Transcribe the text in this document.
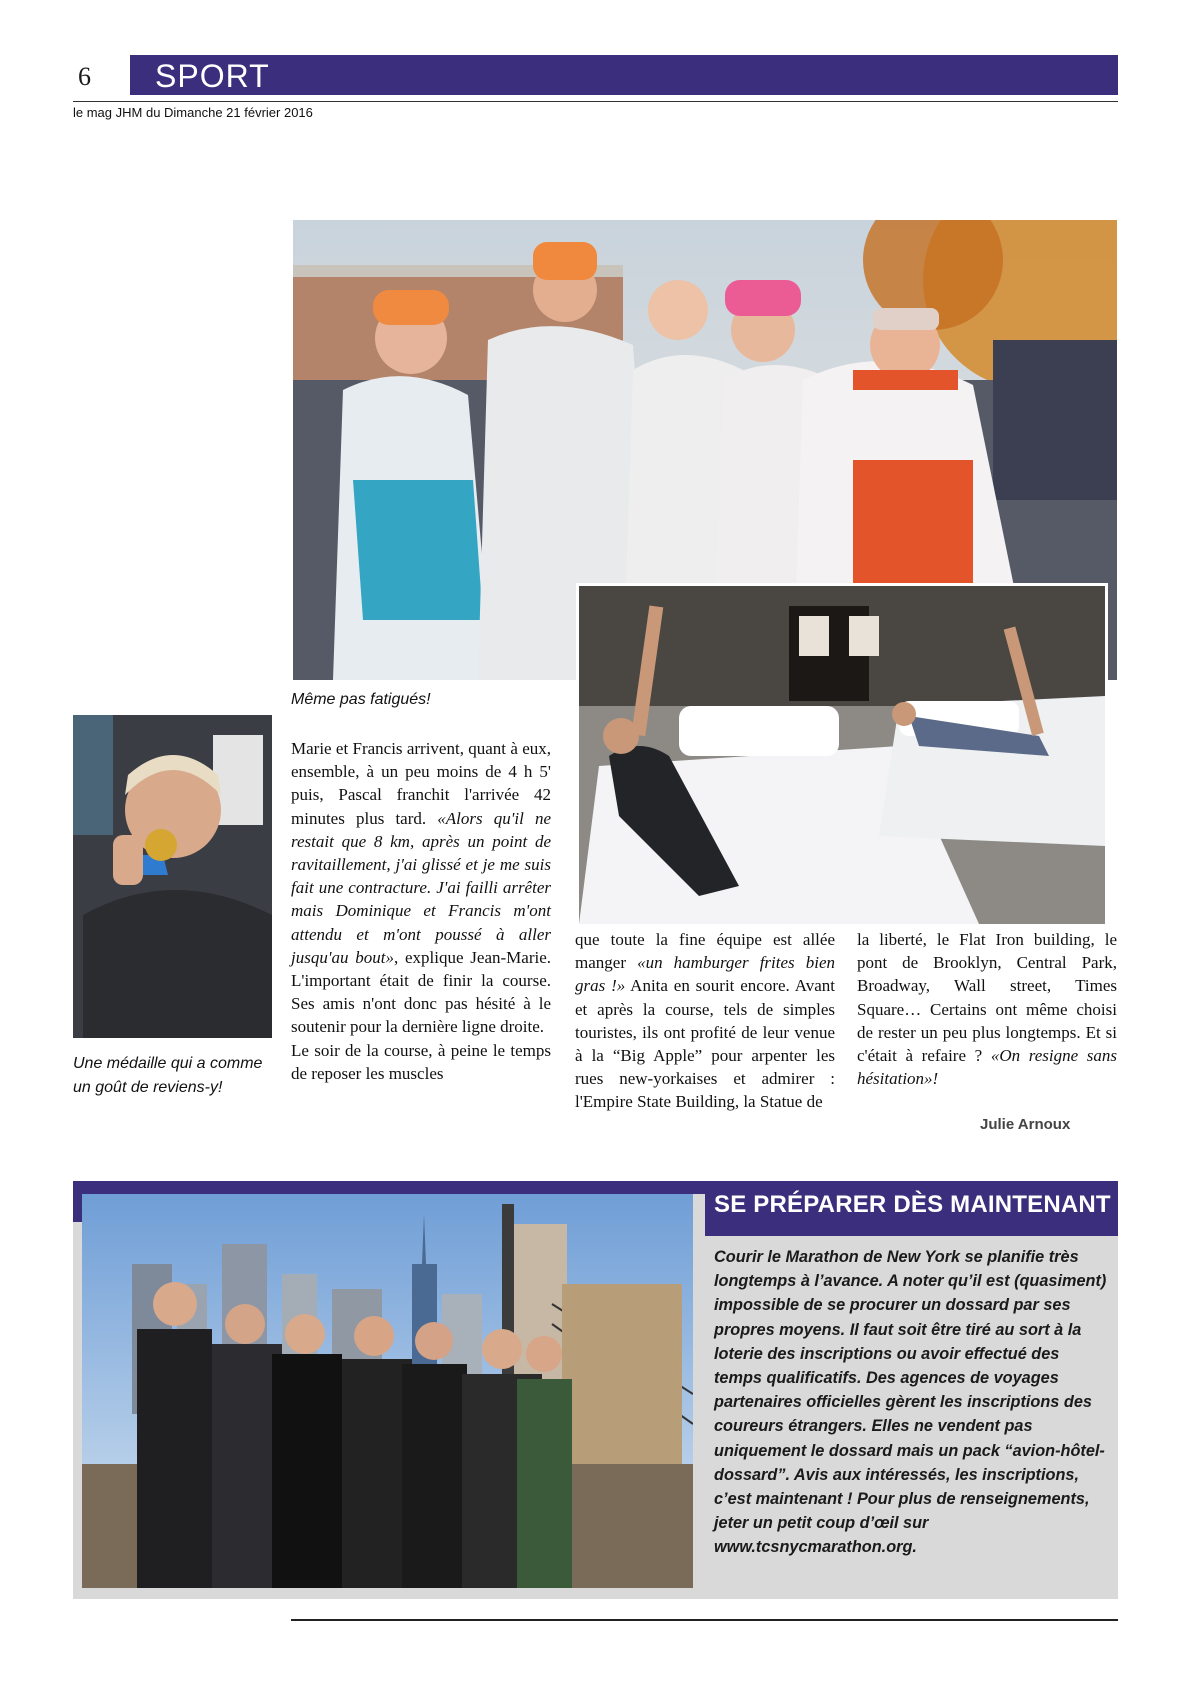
6 SPORT
le mag JHM du Dimanche 21 février 2016
Même pas fatigués!
Une médaille qui a comme un goût de reviens-y!

Marie et Francis arrivent, quant à eux, ensemble, à un peu moins de 4 h 5' puis, Pascal franchit l'arrivée 42 minutes plus tard. «Alors qu'il ne restait que 8 km, après un point de ravitaillement, j'ai glissé et je me suis fait une contracture. J'ai failli arrêter mais Dominique et Francis m'ont attendu et m'ont poussé à aller jusqu'au bout», explique Jean-Marie. L'important était de finir la course. Ses amis n'ont donc pas hésité à le soutenir pour la dernière ligne droite.

Le soir de la course, à peine le temps de reposer les muscles

que toute la fine équipe est allée manger «un hamburger frites bien gras !» Anita en sourit encore. Avant et après la course, tels de simples touristes, ils ont profité de leur venue à la “Big Apple” pour arpenter les rues new-yorkaises et admirer : l'Empire State Building, la Statue de

la liberté, le Flat Iron building, le pont de Brooklyn, Central Park, Broadway, Wall street, Times Square… Certains ont même choisi de rester un peu plus longtemps. Et si c'était à refaire ? «On resigne sans hésitation»!

Julie Arnoux
SE PRÉPARER DÈS MAINTENANT

Courir le Marathon de New York se planifie très longtemps à l’avance. A noter qu’il est (quasiment) impossible de se procurer un dossard par ses propres moyens. Il faut soit être tiré au sort à la loterie des inscriptions ou avoir effectué des temps qualificatifs. Des agences de voyages partenaires officielles gèrent les inscriptions des coureurs étrangers. Elles ne vendent pas uniquement le dossard mais un pack “avion-hôtel-dossard”. Avis aux intéressés, les inscriptions, c’est maintenant ! Pour plus de renseignements, jeter un petit coup d’œil sur www.tcsnycmarathon.org.
